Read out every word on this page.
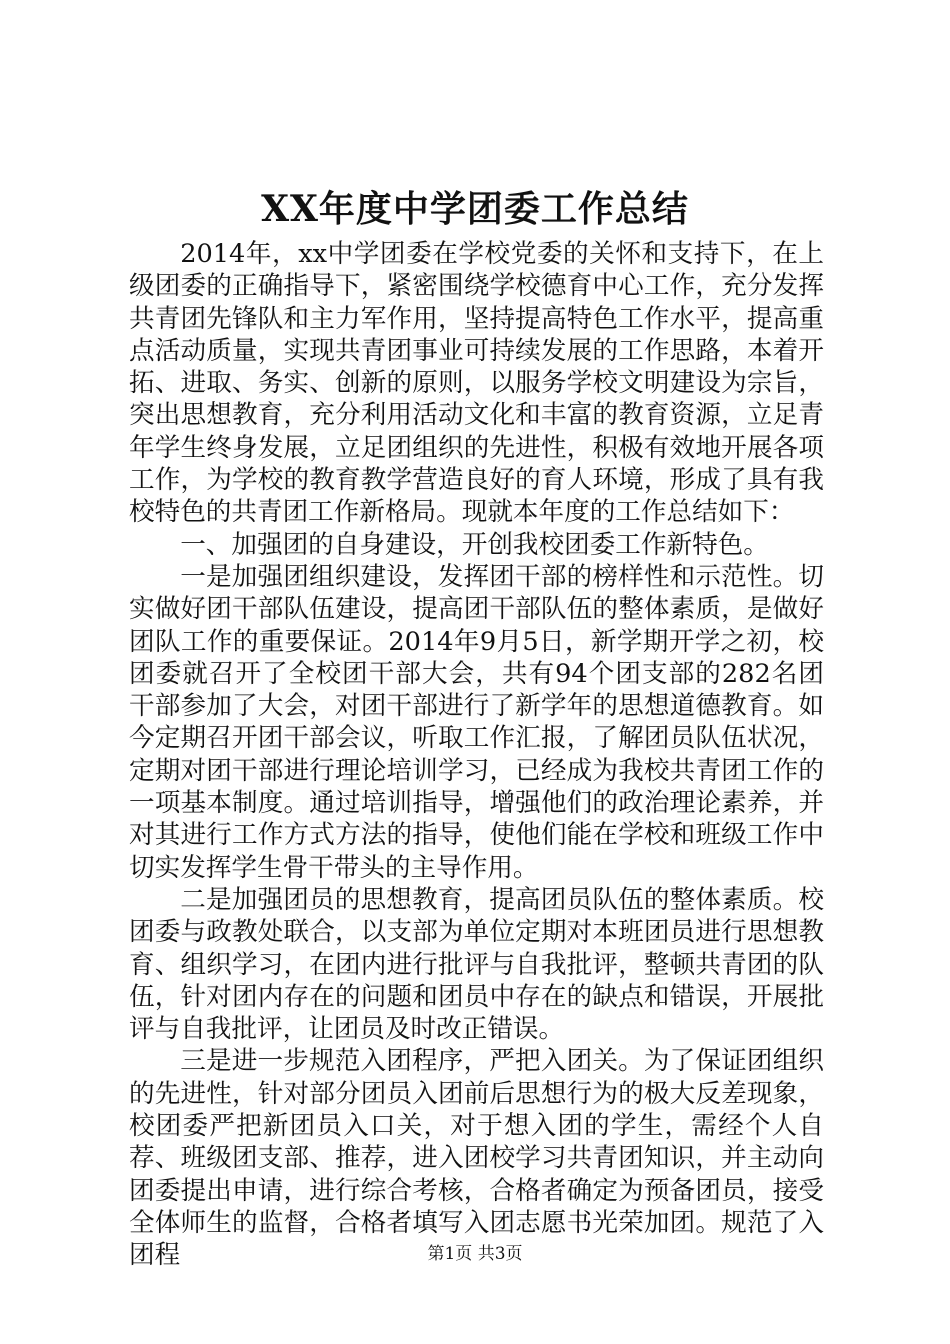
XX年度中学团委工作总结

2014年，xx中学团委在学校党委的关怀和支持下，在上级团委的正确指导下，紧密围绕学校德育中心工作，充分发挥共青团先锋队和主力军作用，坚持提高特色工作水平，提高重点活动质量，实现共青团事业可持续发展的工作思路，本着开拓、进取、务实、创新的原则，以服务学校文明建设为宗旨，突出思想教育，充分利用活动文化和丰富的教育资源，立足青年学生终身发展，立足团组织的先进性，积极有效地开展各项工作，为学校的教育教学营造良好的育人环境，形成了具有我校特色的共青团工作新格局。现就本年度的工作总结如下：

一、加强团的自身建设，开创我校团委工作新特色。

一是加强团组织建设，发挥团干部的榜样性和示范性。切实做好团干部队伍建设，提高团干部队伍的整体素质，是做好团队工作的重要保证。2014年9月5日，新学期开学之初，校团委就召开了全校团干部大会，共有94个团支部的282名团干部参加了大会，对团干部进行了新学年的思想道德教育。如今定期召开团干部会议，听取工作汇报，了解团员队伍状况，定期对团干部进行理论培训学习，已经成为我校共青团工作的一项基本制度。通过培训指导，增强他们的政治理论素养，并对其进行工作方式方法的指导，使他们能在学校和班级工作中切实发挥学生骨干带头的主导作用。

二是加强团员的思想教育，提高团员队伍的整体素质。校团委与政教处联合，以支部为单位定期对本班团员进行思想教育、组织学习，在团内进行批评与自我批评，整顿共青团的队伍，针对团内存在的问题和团员中存在的缺点和错误，开展批评与自我批评，让团员及时改正错误。

三是进一步规范入团程序，严把入团关。为了保证团组织的先进性，针对部分团员入团前后思想行为的极大反差现象，校团委严把新团员入口关，对于想入团的学生，需经个人自荐、班级团支部、推荐，进入团校学习共青团知识，并主动向团委提出申请，进行综合考核，合格者确定为预备团员，接受全体师生的监督，合格者填写入团志愿书光荣加团。规范了入团程	第1页 共3页
